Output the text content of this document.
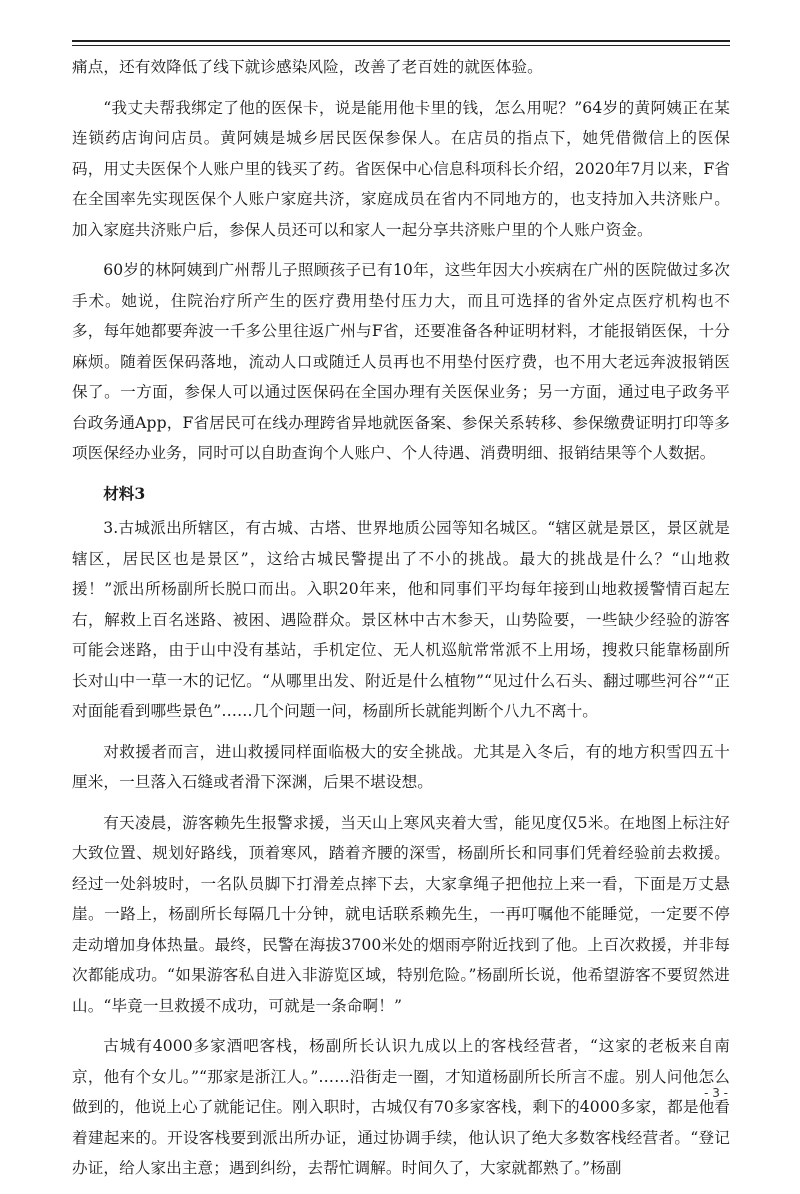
痛点，还有效降低了线下就诊感染风险，改善了老百姓的就医体验。

“我丈夫帮我绑定了他的医保卡，说是能用他卡里的钱，怎么用呢？”64岁的黄阿姨正在某连锁药店询问店员。黄阿姨是城乡居民医保参保人。在店员的指点下，她凭借微信上的医保码，用丈夫医保个人账户里的钱买了药。省医保中心信息科项科长介绍，2020年7月以来，F省在全国率先实现医保个人账户家庭共济，家庭成员在省内不同地方的，也支持加入共济账户。加入家庭共济账户后，参保人员还可以和家人一起分享共济账户里的个人账户资金。

60岁的林阿姨到广州帮儿子照顾孩子已有10年，这些年因大小疾病在广州的医院做过多次手术。她说，住院治疗所产生的医疗费用垫付压力大，而且可选择的省外定点医疗机构也不多，每年她都要奔波一千多公里往返广州与F省，还要准备各种证明材料，才能报销医保，十分麻烦。随着医保码落地，流动人口或随迁人员再也不用垫付医疗费，也不用大老远奔波报销医保了。一方面，参保人可以通过医保码在全国办理有关医保业务；另一方面，通过电子政务平台政务通App，F省居民可在线办理跨省异地就医备案、参保关系转移、参保缴费证明打印等多项医保经办业务，同时可以自助查询个人账户、个人待遇、消费明细、报销结果等个人数据。

材料3

3.古城派出所辖区，有古城、古塔、世界地质公园等知名城区。“辖区就是景区，景区就是辖区，居民区也是景区”，这给古城民警提出了不小的挑战。最大的挑战是什么？“山地救援！”派出所杨副所长脱口而出。入职20年来，他和同事们平均每年接到山地救援警情百起左右，解救上百名迷路、被困、遇险群众。景区林中古木参天，山势险要，一些缺少经验的游客可能会迷路，由于山中没有基站，手机定位、无人机巡航常常派不上用场，搜救只能靠杨副所长对山中一草一木的记忆。“从哪里出发、附近是什么植物”“见过什么石头、翻过哪些河谷”“正对面能看到哪些景色”……几个问题一问，杨副所长就能判断个八九不离十。

对救援者而言，进山救援同样面临极大的安全挑战。尤其是入冬后，有的地方积雪四五十厘米，一旦落入石缝或者滑下深渊，后果不堪设想。

有天凌晨，游客赖先生报警求援，当天山上寒风夹着大雪，能见度仅5米。在地图上标注好大致位置、规划好路线，顶着寒风，踏着齐腰的深雪，杨副所长和同事们凭着经验前去救援。经过一处斜坡时，一名队员脚下打滑差点摔下去，大家拿绳子把他拉上来一看，下面是万丈悬崖。一路上，杨副所长每隔几十分钟，就电话联系赖先生，一再叮嘱他不能睡觉，一定要不停走动增加身体热量。最终，民警在海拔3700米处的烟雨亭附近找到了他。上百次救援，并非每次都能成功。“如果游客私自进入非游览区域，特别危险。”杨副所长说，他希望游客不要贸然进山。“毕竟一旦救援不成功，可就是一条命啊！”

古城有4000多家酒吧客栈，杨副所长认识九成以上的客栈经营者，“这家的老板来自南京，他有个女儿。”“那家是浙江人。”……沿街走一圈，才知道杨副所长所言不虚。别人问他怎么做到的，他说上心了就能记住。刚入职时，古城仅有70多家客栈，剩下的4000多家，都是他看着建起来的。开设客栈要到派出所办证，通过协调手续，他认识了绝大多数客栈经营者。“登记办证，给人家出主意；遇到纠纷，去帮忙调解。时间久了，大家就都熟了。”杨副

- 3 -
